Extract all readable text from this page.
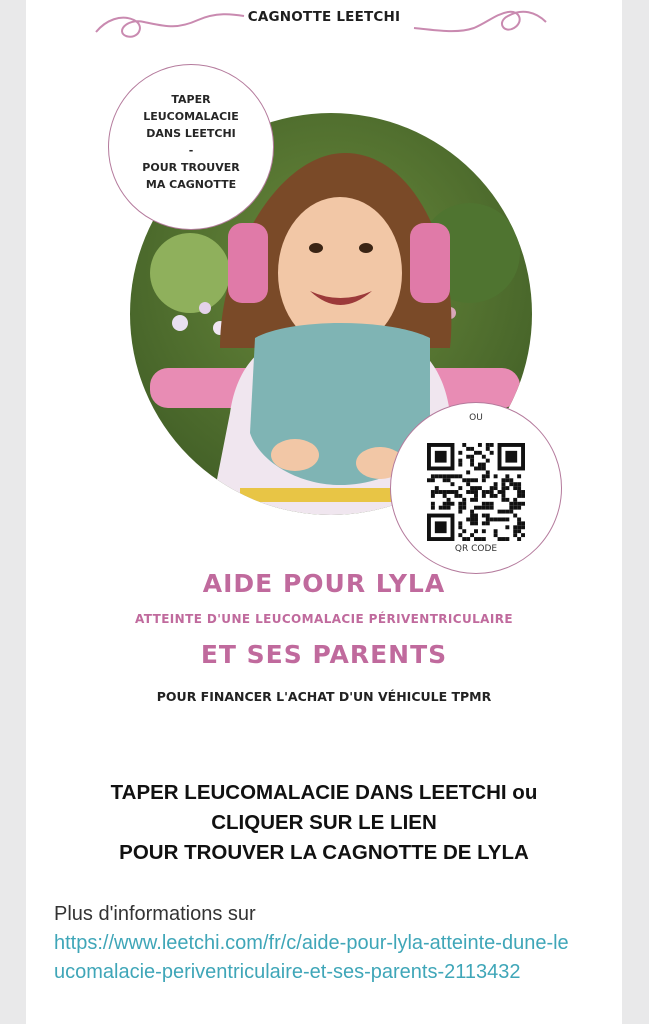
CAGNOTTE LEETCHI
TAPER
LEUCOMALACIE
DANS LEETCHI
-
POUR TROUVER
MA CAGNOTTE
OU
QR CODE
AIDE POUR LYLA
ATTEINTE D'UNE LEUCOMALACIE PÉRIVENTRICULAIRE
ET SES PARENTS
POUR FINANCER L'ACHAT D'UN VÉHICULE TPMR
TAPER LEUCOMALACIE DANS LEETCHI ou
CLIQUER SUR LE LIEN
POUR TROUVER LA CAGNOTTE DE LYLA
Plus d'informations sur
https://www.leetchi.com/fr/c/aide-pour-lyla-atteinte-dune-leucomalacie-periventriculaire-et-ses-parents-2113432
